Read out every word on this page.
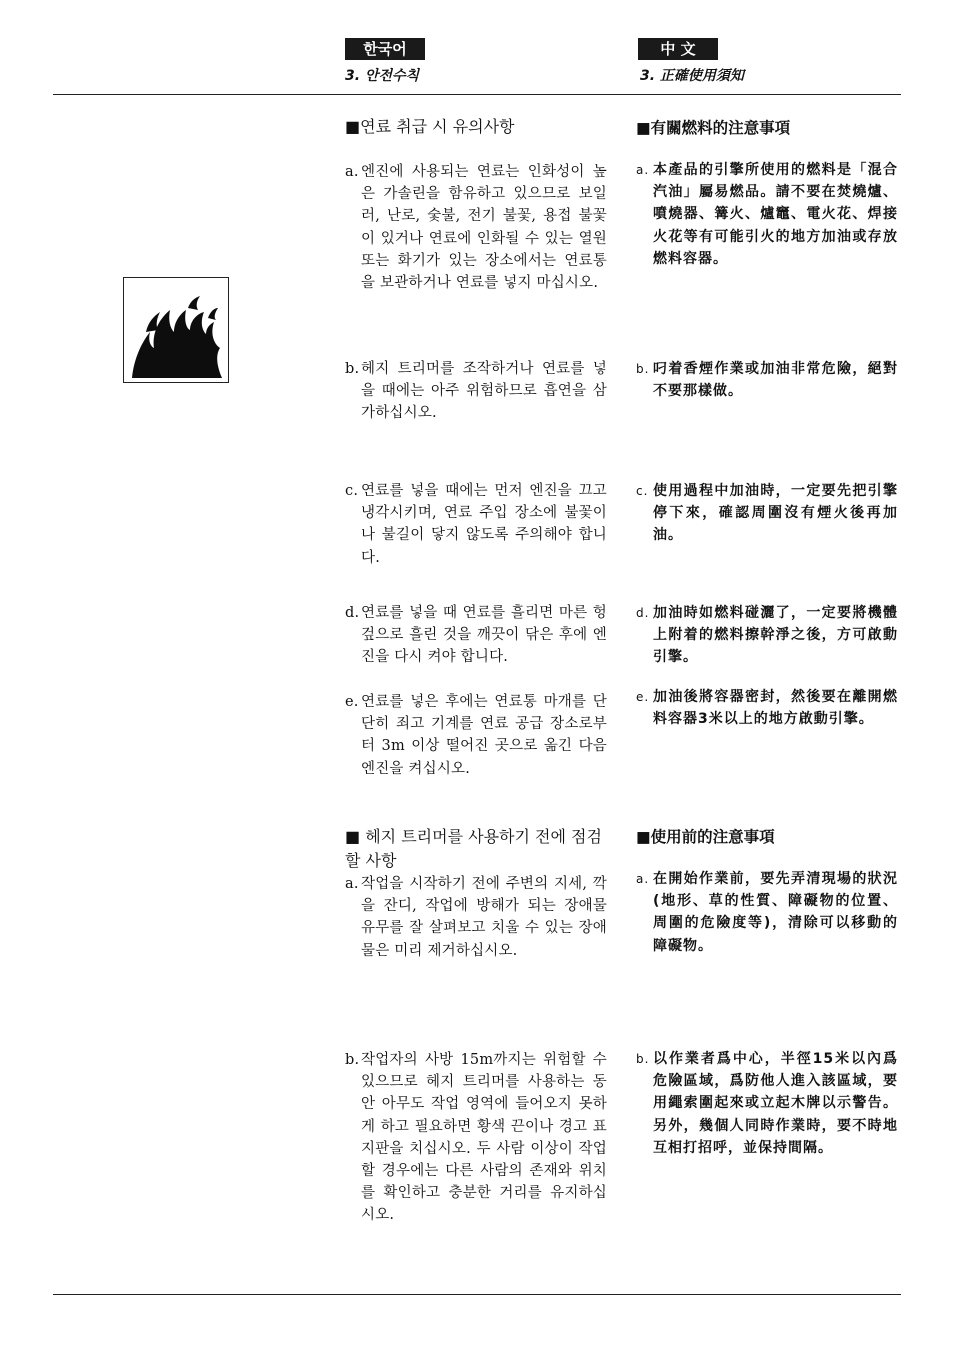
한국어
3. 안전수칙
中 文
3. 正確使用須知
■연료 취급 시 유의사항
a. 엔진에 사용되는 연료는 인화성이 높은 가솔린을 함유하고 있으므로 보일러, 난로, 숯불, 전기 불꽃, 용접 불꽃이 있거나 연료에 인화될 수 있는 열원 또는 화기가 있는 장소에서는 연료통을 보관하거나 연료를 넣지 마십시오.
b. 헤지 트리머를 조작하거나 연료를 넣을 때에는 아주 위험하므로 흡연을 삼가하십시오.
c. 연료를 넣을 때에는 먼저 엔진을 끄고 냉각시키며, 연료 주입 장소에 불꽃이나 불길이 닿지 않도록 주의해야 합니다.
d. 연료를 넣을 때 연료를 흘리면 마른 헝겊으로 흘린 것을 깨끗이 닦은 후에 엔진을 다시 켜야 합니다.
e. 연료를 넣은 후에는 연료통 마개를 단단히 죄고 기계를 연료 공급 장소로부터 3m 이상 떨어진 곳으로 옮긴 다음 엔진을 켜십시오.
■ 헤지 트리머를 사용하기 전에 점검할 사항
a. 작업을 시작하기 전에 주변의 지세, 깍을 잔디, 작업에 방해가 되는 장애물 유무를 잘 살펴보고 치울 수 있는 장애물은 미리 제거하십시오.
b. 작업자의 사방 15m까지는 위험할 수 있으므로 헤지 트리머를 사용하는 동안 아무도 작업 영역에 들어오지 못하게 하고 필요하면 황색 끈이나 경고 표지판을 치십시오. 두 사람 이상이 작업할 경우에는 다른 사람의 존재와 위치를 확인하고 충분한 거리를 유지하십시오.
■有關燃料的注意事項
a. 本產品的引擎所使用的燃料是「混合汽油」屬易燃品。請不要在焚燒爐、噴燒器、篝火、爐竈、電火花、焊接火花等有可能引火的地方加油或存放燃料容器。
b. 叼着香煙作業或加油非常危險，絕對不要那樣做。
c. 使用過程中加油時，一定要先把引擎停下來，確認周圍沒有煙火後再加油。
d. 加油時如燃料碰灑了，一定要將機體上附着的燃料擦幹淨之後，方可啟動引擎。
e. 加油後將容器密封，然後要在離開燃料容器3米以上的地方啟動引擎。
■使用前的注意事項
a. 在開始作業前，要先弄清現場的狀況(地形、草的性質、障礙物的位置、周圍的危險度等)，清除可以移動的障礙物。
b. 以作業者爲中心，半徑15米以內爲危險區域，爲防他人進入該區域，要用繩索圍起來或立起木牌以示警告。另外，幾個人同時作業時，要不時地互相打招呼，並保持間隔。
